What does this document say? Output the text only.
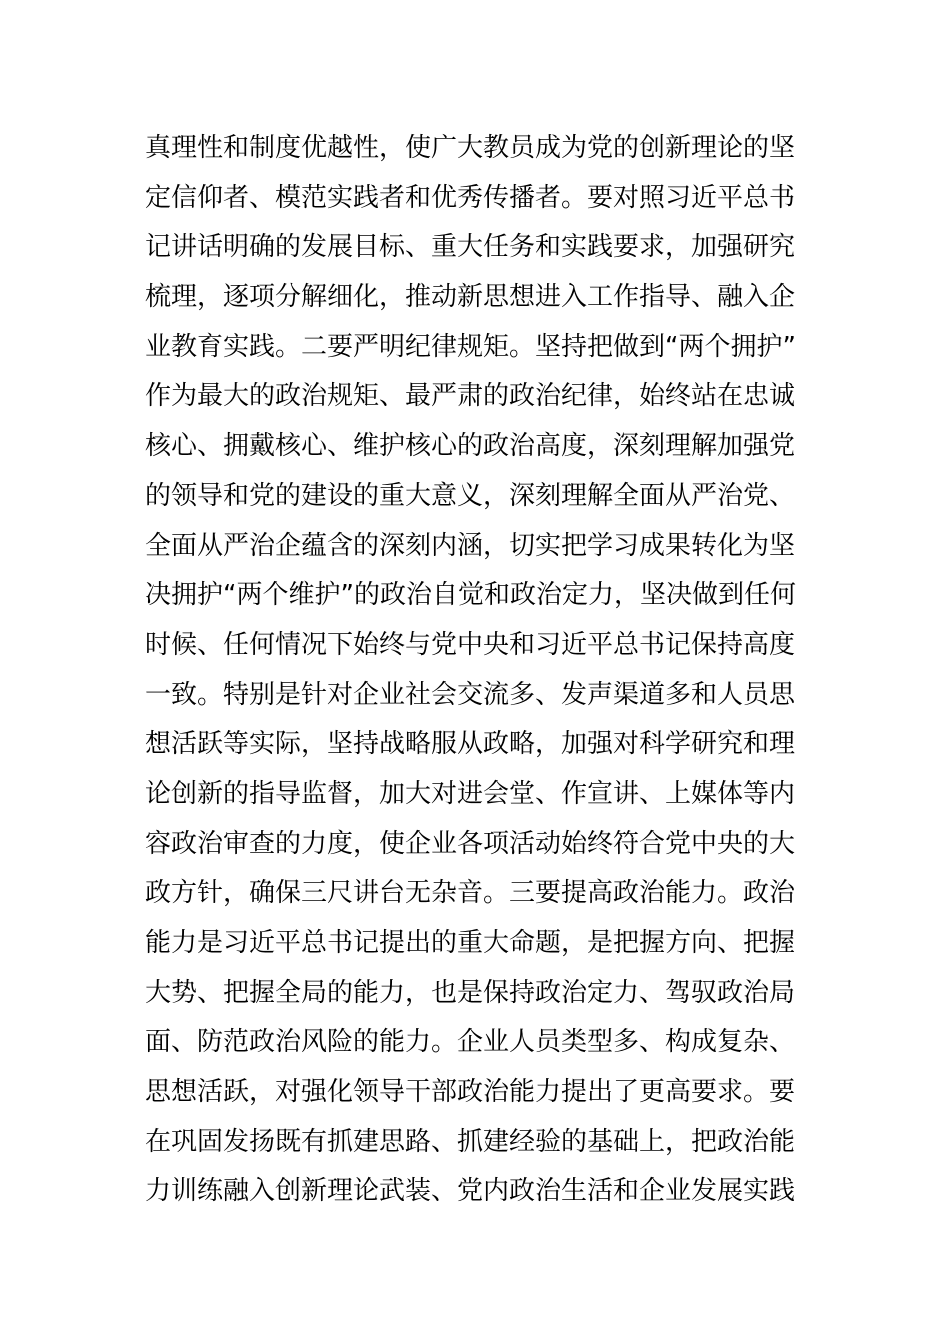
真理性和制度优越性，使广大教员成为党的创新理论的坚
定信仰者、模范实践者和优秀传播者。要对照习近平总书
记讲话明确的发展目标、重大任务和实践要求，加强研究
梳理，逐项分解细化，推动新思想进入工作指导、融入企
业教育实践。二要严明纪律规矩。坚持把做到“两个拥护”
作为最大的政治规矩、最严肃的政治纪律，始终站在忠诚
核心、拥戴核心、维护核心的政治高度，深刻理解加强党
的领导和党的建设的重大意义，深刻理解全面从严治党、
全面从严治企蕴含的深刻内涵，切实把学习成果转化为坚
决拥护“两个维护”的政治自觉和政治定力，坚决做到任何
时候、任何情况下始终与党中央和习近平总书记保持高度
一致。特别是针对企业社会交流多、发声渠道多和人员思
想活跃等实际，坚持战略服从政略，加强对科学研究和理
论创新的指导监督，加大对进会堂、作宣讲、上媒体等内
容政治审查的力度，使企业各项活动始终符合党中央的大
政方针，确保三尺讲台无杂音。三要提高政治能力。政治
能力是习近平总书记提出的重大命题，是把握方向、把握
大势、把握全局的能力，也是保持政治定力、驾驭政治局
面、防范政治风险的能力。企业人员类型多、构成复杂、
思想活跃，对强化领导干部政治能力提出了更高要求。要
在巩固发扬既有抓建思路、抓建经验的基础上，把政治能
力训练融入创新理论武装、党内政治生活和企业发展实践
